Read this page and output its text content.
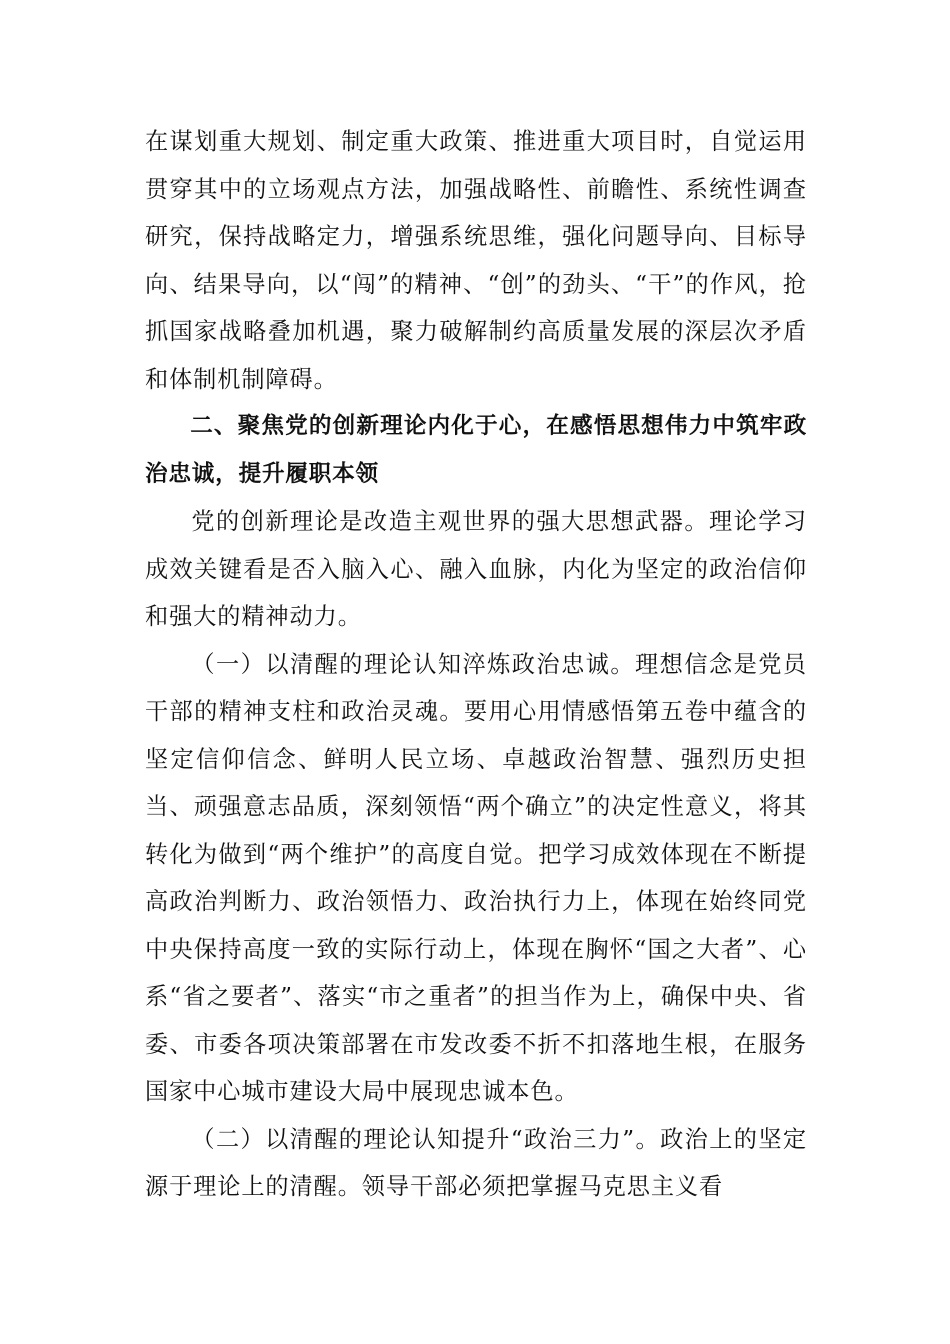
在谋划重大规划、制定重大政策、推进重大项目时，自觉运用贯穿其中的立场观点方法，加强战略性、前瞻性、系统性调查研究，保持战略定力，增强系统思维，强化问题导向、目标导向、结果导向，以“闯”的精神、“创”的劲头、“干”的作风，抢抓国家战略叠加机遇，聚力破解制约高质量发展的深层次矛盾和体制机制障碍。

二、聚焦党的创新理论内化于心，在感悟思想伟力中筑牢政治忠诚，提升履职本领

党的创新理论是改造主观世界的强大思想武器。理论学习成效关键看是否入脑入心、融入血脉，内化为坚定的政治信仰和强大的精神动力。

（一）以清醒的理论认知淬炼政治忠诚。理想信念是党员干部的精神支柱和政治灵魂。要用心用情感悟第五卷中蕴含的坚定信仰信念、鲜明人民立场、卓越政治智慧、强烈历史担当、顽强意志品质，深刻领悟“两个确立”的决定性意义，将其转化为做到“两个维护”的高度自觉。把学习成效体现在不断提高政治判断力、政治领悟力、政治执行力上，体现在始终同党中央保持高度一致的实际行动上，体现在胸怀“国之大者”、心系“省之要者”、落实“市之重者”的担当作为上，确保中央、省委、市委各项决策部署在市发改委不折不扣落地生根，在服务国家中心城市建设大局中展现忠诚本色。

（二）以清醒的理论认知提升“政治三力”。政治上的坚定源于理论上的清醒。领导干部必须把掌握马克思主义看
